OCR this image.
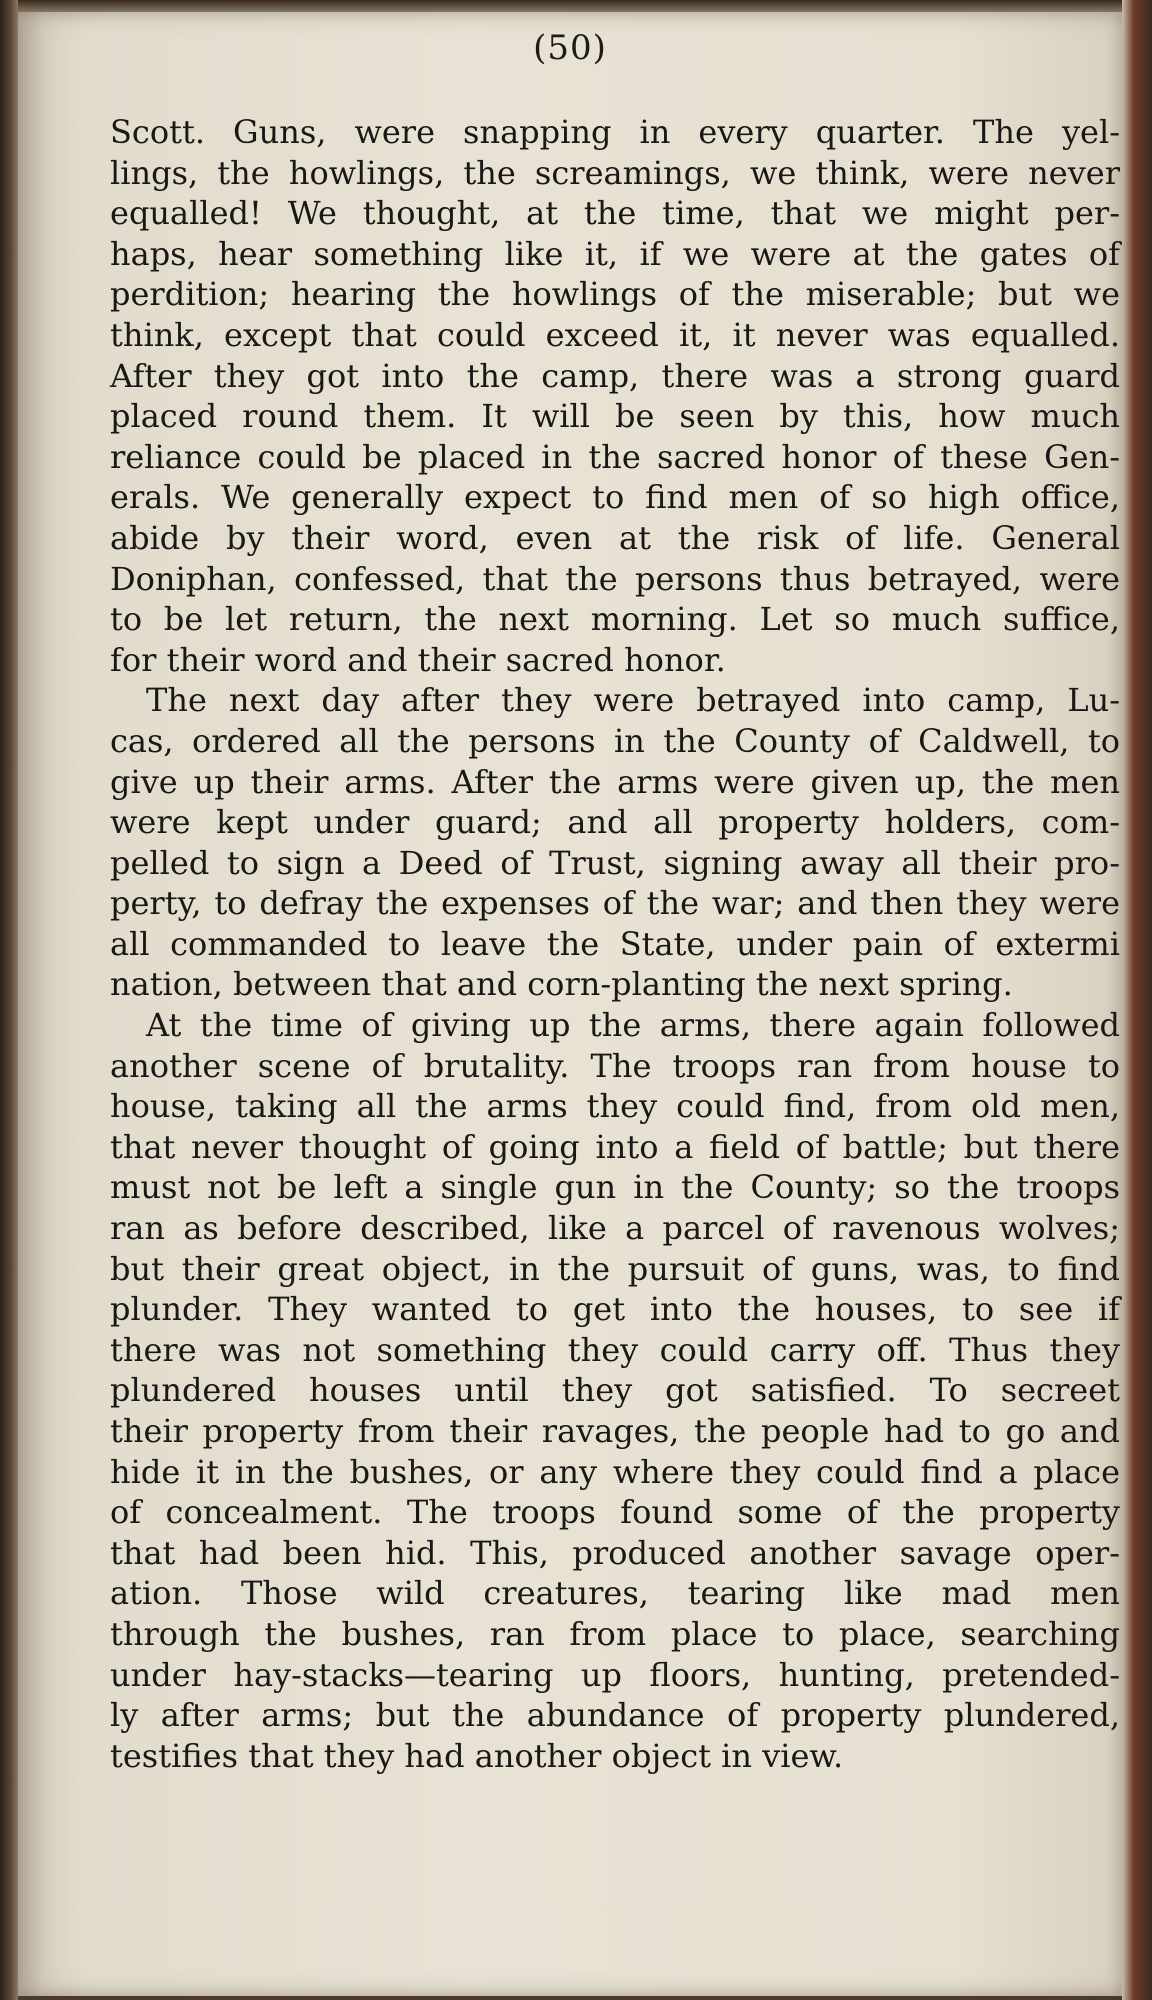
(50)
Scott. Guns, were snapping in every quarter. The yel-
lings, the howlings, the screamings, we think, were never
equalled! We thought, at the time, that we might per-
haps, hear something like it, if we were at the gates of
perdition; hearing the howlings of the miserable; but we
think, except that could exceed it, it never was equalled.
After they got into the camp, there was a strong guard
placed round them. It will be seen by this, how much
reliance could be placed in the sacred honor of these Gen-
erals. We generally expect to find men of so high office,
abide by their word, even at the risk of life. General
Doniphan, confessed, that the persons thus betrayed, were
to be let return, the next morning. Let so much suffice,
for their word and their sacred honor.
The next day after they were betrayed into camp, Lu-
cas, ordered all the persons in the County of Caldwell, to
give up their arms. After the arms were given up, the men
were kept under guard; and all property holders, com-
pelled to sign a Deed of Trust, signing away all their pro-
perty, to defray the expenses of the war; and then they were
all commanded to leave the State, under pain of extermi
nation, between that and corn-planting the next spring.
At the time of giving up the arms, there again followed
another scene of brutality. The troops ran from house to
house, taking all the arms they could find, from old men,
that never thought of going into a field of battle; but there
must not be left a single gun in the County; so the troops
ran as before described, like a parcel of ravenous wolves;
but their great object, in the pursuit of guns, was, to find
plunder. They wanted to get into the houses, to see if
there was not something they could carry off. Thus they
plundered houses until they got satisfied. To secreet
their property from their ravages, the people had to go and
hide it in the bushes, or any where they could find a place
of concealment. The troops found some of the property
that had been hid. This, produced another savage oper-
ation. Those wild creatures, tearing like mad men
through the bushes, ran from place to place, searching
under hay-stacks—tearing up floors, hunting, pretended-
ly after arms; but the abundance of property plundered,
testifies that they had another object in view.
